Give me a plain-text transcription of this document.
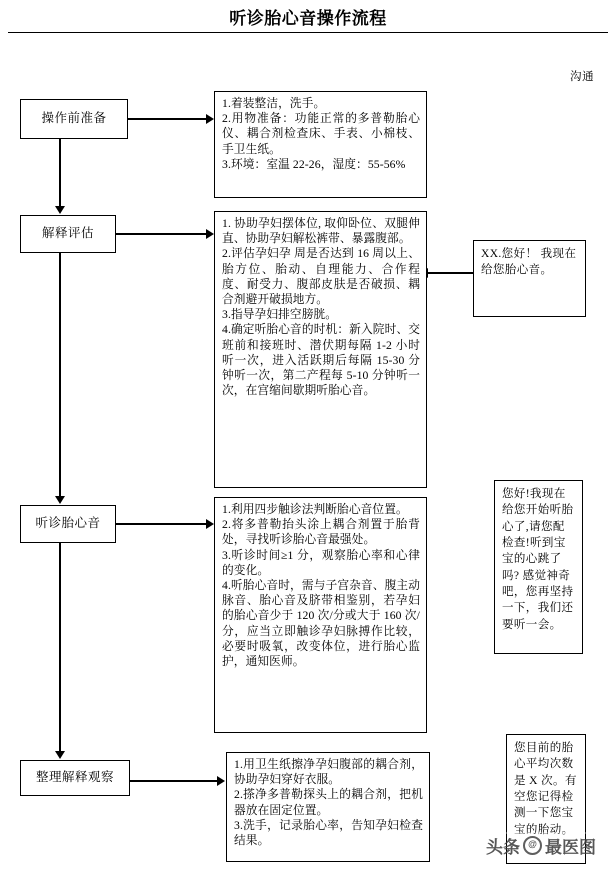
听诊胎心音操作流程
沟通
操作前准备
解释评估
听诊胎心音
整理解释观察

1.着装整洁，洗手。

2.用物准备：功能正常的多普勒胎心仪、耦合剂检查床、手表、小棉枝、手卫生纸。

3.环境：室温 22-26，湿度：55-56%

1. 协助孕妇摆体位, 取仰卧位、双腿伸直、协助孕妇解松裤带、暴露腹部。

2.评估孕妇孕 周是否达到 16 周以上、胎方位、胎动、自理能力、合作程度、耐受力、腹部皮肤是否破损、耦合剂避开破损地方。

3.指导孕妇排空膀胱。

4.确定听胎心音的时机：新入院时、交班前和接班时、潜伏期每隔 1-2 小时听一次，进入活跃期后每隔 15-30 分钟听一次，第二产程每 5-10 分钟听一次，在宫缩间歇期听胎心音。

1.利用四步触诊法判断胎心音位置。

2.将多普勒抬头涂上耦合剂置于胎背处，寻找听诊胎心音最强处。

3.听诊时间≥1 分，观察胎心率和心律的变化。

4.听胎心音时，需与子宫杂音、腹主动脉音、胎心音及脐带相鉴别，若孕妇的胎心音少于 120 次/分或大于 160 次/分，应当立即触诊孕妇脉搏作比较，必要时吸氧，改变体位，进行胎心监护，通知医师。

1.用卫生纸擦净孕妇腹部的耦合剂，协助孕妇穿好衣服。

2.搽净多普勒探头上的耦合剂，把机器放在固定位置。

3.洗手，记录胎心率，告知孕妇检查结果。

XX.您好！ 我现在给您胎心音。

您好!我现在给您开始听胎心了,请您配检查!听到宝宝的心跳了吗? 感觉神奇吧，您再坚持一下，我们还要听一会。

您目前的胎心平均次数是 X 次。有空您记得检测一下您宝宝的胎动。

头条 @ 最医图
